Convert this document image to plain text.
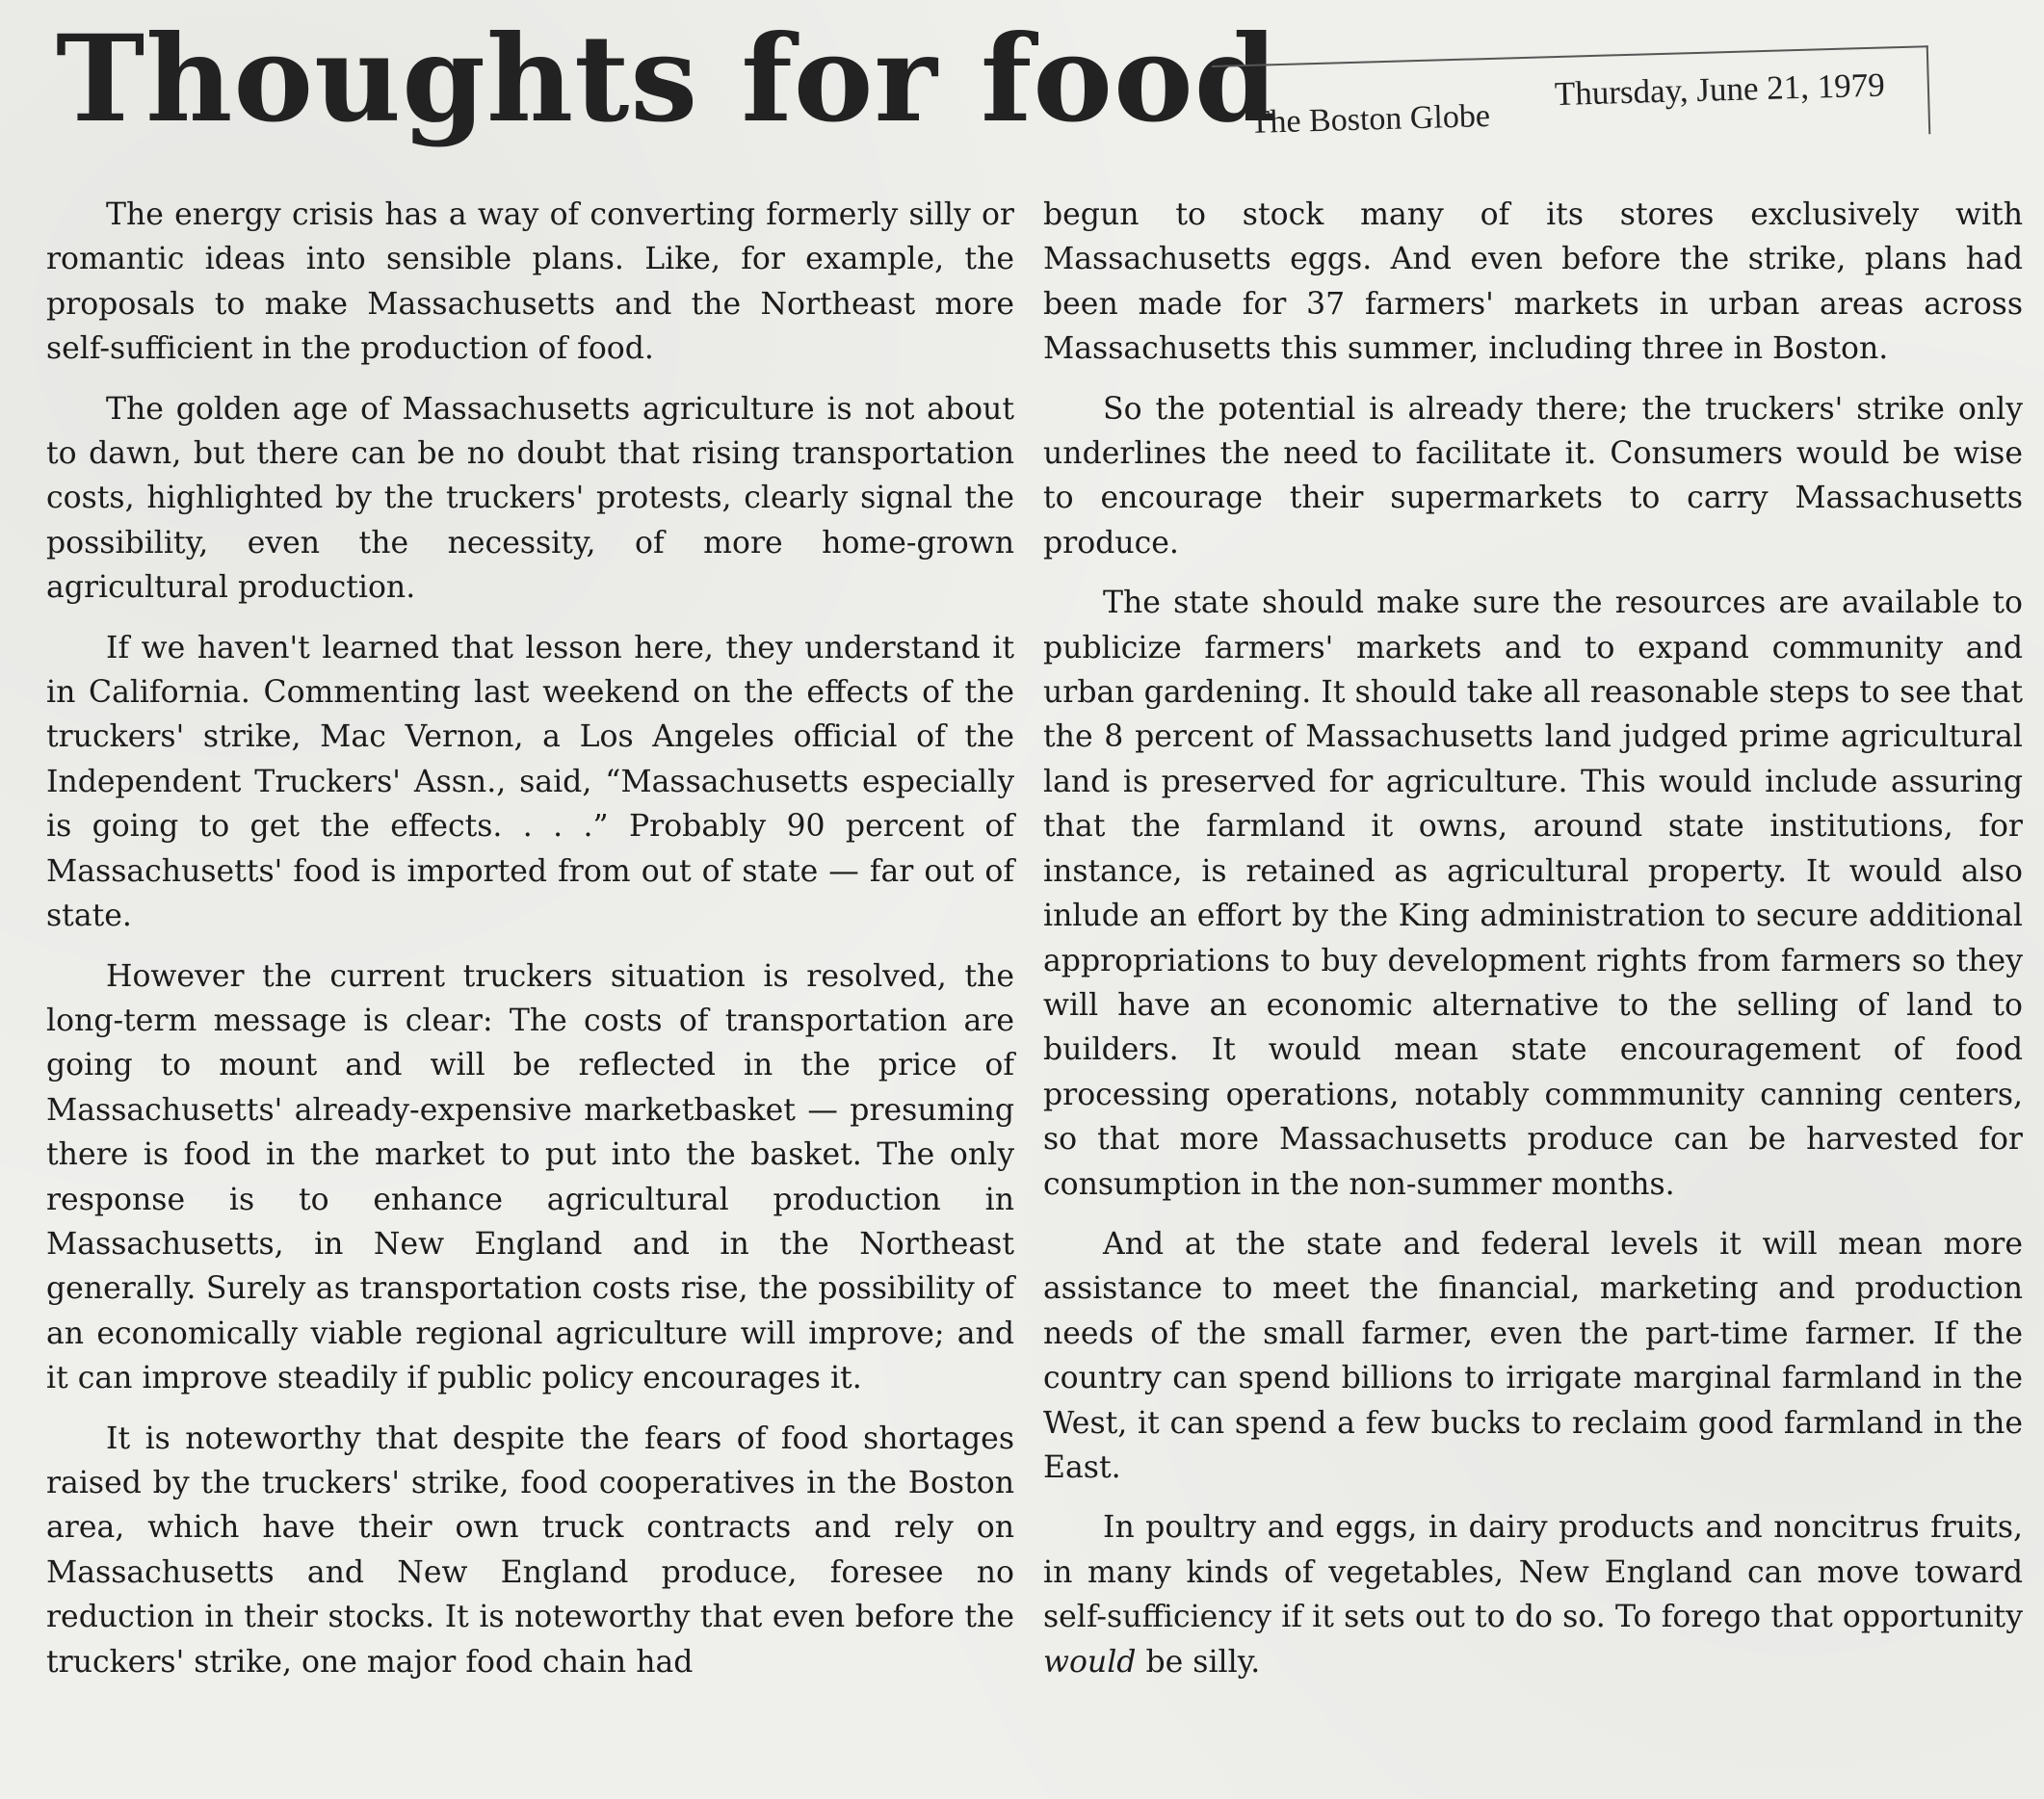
Thoughts for food
The Boston Globe
Thursday, June 21, 1979

The energy crisis has a way of converting formerly silly or romantic ideas into sensible plans. Like, for example, the proposals to make Massachusetts and the Northeast more self-sufficient in the production of food.

The golden age of Massachusetts agriculture is not about to dawn, but there can be no doubt that rising transportation costs, highlighted by the truckers' protests, clearly signal the possibility, even the necessity, of more home-grown agricultural production.

If we haven't learned that lesson here, they understand it in California. Commenting last weekend on the effects of the truckers' strike, Mac Vernon, a Los Angeles official of the Independent Truckers' Assn., said, “Massachusetts especially is going to get the effects. . . .” Probably 90 percent of Massachusetts' food is imported from out of state — far out of state.

However the current truckers situation is resolved, the long-term message is clear: The costs of transportation are going to mount and will be reflected in the price of Massachusetts' already-expensive marketbasket — presuming there is food in the market to put into the basket. The only response is to enhance agricultural production in Massachusetts, in New England and in the Northeast generally. Surely as transportation costs rise, the possibility of an economically viable regional agriculture will improve; and it can improve steadily if public policy encourages it.

It is noteworthy that despite the fears of food shortages raised by the truckers' strike, food cooperatives in the Boston area, which have their own truck contracts and rely on Massachusetts and New England produce, foresee no reduction in their stocks. It is noteworthy that even before the truckers' strike, one major food chain had

begun to stock many of its stores exclusively with Massachusetts eggs. And even before the strike, plans had been made for 37 farmers' markets in urban areas across Massachusetts this summer, including three in Boston.

So the potential is already there; the truckers' strike only underlines the need to facilitate it. Consumers would be wise to encourage their supermarkets to carry Massachusetts produce.

The state should make sure the resources are available to publicize farmers' markets and to expand community and urban gardening. It should take all reasonable steps to see that the 8 percent of Massachusetts land judged prime agricultural land is preserved for agriculture. This would include assuring that the farmland it owns, around state institutions, for instance, is retained as agricultural property. It would also inlude an effort by the King administration to secure additional appropriations to buy development rights from farmers so they will have an economic alternative to the selling of land to builders. It would mean state encouragement of food processing operations, notably commmunity canning centers, so that more Massachusetts produce can be harvested for consumption in the non-summer months.

And at the state and federal levels it will mean more assistance to meet the financial, marketing and production needs of the small farmer, even the part-time farmer. If the country can spend billions to irrigate marginal farmland in the West, it can spend a few bucks to reclaim good farmland in the East.

In poultry and eggs, in dairy products and noncitrus fruits, in many kinds of vegetables, New England can move toward self-sufficiency if it sets out to do so. To forego that opportunity would be silly.
